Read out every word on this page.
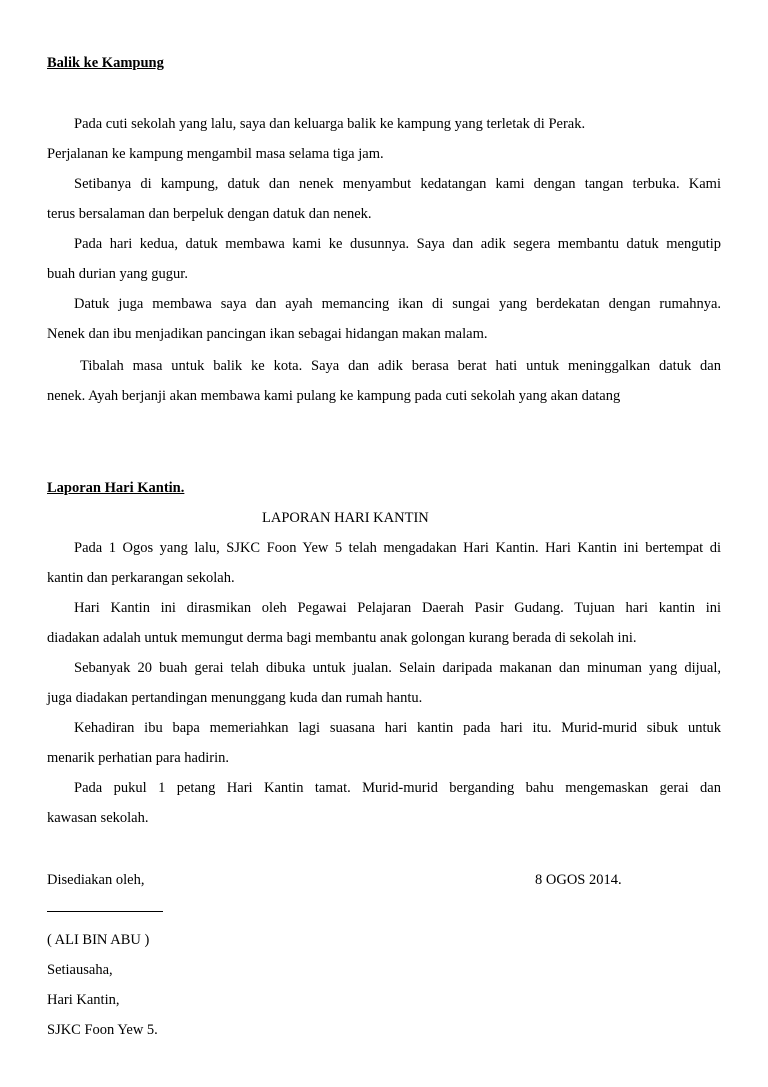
Balik ke Kampung
Pada cuti sekolah yang lalu, saya dan keluarga balik ke kampung yang terletak di Perak.
Perjalanan ke kampung mengambil masa selama tiga jam.
Setibanya di kampung, datuk dan nenek menyambut kedatangan kami dengan tangan terbuka. Kami
terus bersalaman dan berpeluk dengan datuk dan nenek.
Pada hari kedua, datuk membawa kami ke dusunnya. Saya dan adik segera membantu datuk mengutip
buah durian yang gugur.
Datuk juga membawa saya dan ayah memancing ikan di sungai yang berdekatan dengan rumahnya.
Nenek dan ibu menjadikan pancingan ikan sebagai hidangan makan malam.
Tibalah masa untuk balik ke kota. Saya dan adik berasa berat hati untuk meninggalkan datuk dan
nenek. Ayah berjanji akan membawa kami pulang ke kampung pada cuti sekolah yang akan datang
Laporan Hari Kantin.
LAPORAN HARI KANTIN
Pada 1 Ogos yang lalu, SJKC Foon Yew 5 telah mengadakan Hari Kantin. Hari Kantin ini bertempat di
kantin dan perkarangan sekolah.
Hari Kantin ini dirasmikan oleh Pegawai Pelajaran Daerah Pasir Gudang. Tujuan hari kantin ini
diadakan adalah untuk memungut derma bagi membantu anak golongan kurang berada di sekolah ini.
Sebanyak 20 buah gerai telah dibuka untuk jualan. Selain daripada makanan dan minuman yang dijual,
juga diadakan pertandingan menunggang kuda dan rumah hantu.
Kehadiran ibu bapa memeriahkan lagi suasana hari kantin pada hari itu. Murid-murid sibuk untuk
menarik perhatian para hadirin.
Pada pukul 1 petang Hari Kantin tamat. Murid-murid berganding bahu mengemaskan gerai dan
kawasan sekolah.
Disediakan oleh,	8 OGOS 2014.
( ALI BIN ABU )
Setiausaha,
Hari Kantin,
SJKC Foon Yew 5.
